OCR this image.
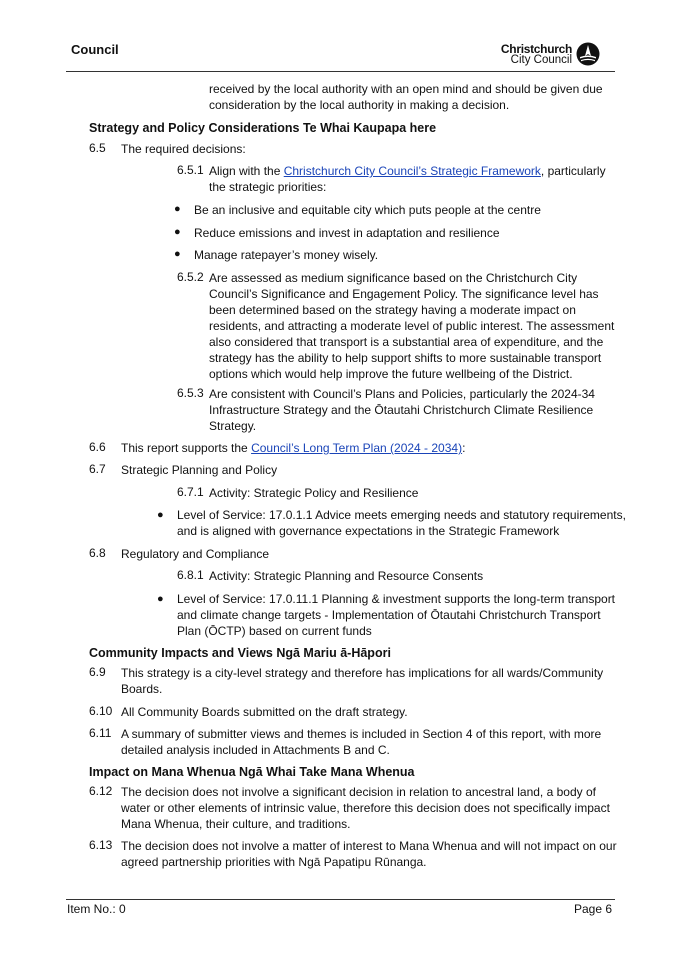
Council	Christchurch
City Council
received by the local authority with an open mind and should be given due
consideration by the local authority in making a decision.
Strategy and Policy Considerations Te Whai Kaupapa here
6.5 The required decisions:
6.5.1 Align with the Christchurch City Council’s Strategic Framework, particularly
the strategic priorities:
● Be an inclusive and equitable city which puts people at the centre
● Reduce emissions and invest in adaptation and resilience
● Manage ratepayer’s money wisely.
6.5.2 Are assessed as medium significance based on the Christchurch City
Council’s Significance and Engagement Policy. The significance level has
been determined based on the strategy having a moderate impact on
residents, and attracting a moderate level of public interest. The assessment
also considered that transport is a substantial area of expenditure, and the
strategy has the ability to help support shifts to more sustainable transport
options which would help improve the future wellbeing of the District.
6.5.3 Are consistent with Council’s Plans and Policies, particularly the 2024-34
Infrastructure Strategy and the Ōtautahi Christchurch Climate Resilience
Strategy.
6.6 This report supports the Council’s Long Term Plan (2024 - 2034):
6.7 Strategic Planning and Policy
6.7.1 Activity: Strategic Policy and Resilience
● Level of Service: 17.0.1.1 Advice meets emerging needs and statutory requirements,
and is aligned with governance expectations in the Strategic Framework
6.8 Regulatory and Compliance
6.8.1 Activity: Strategic Planning and Resource Consents
● Level of Service: 17.0.11.1 Planning & investment supports the long-term transport
and climate change targets - Implementation of Ōtautahi Christchurch Transport
Plan (ŌCTP) based on current funds
Community Impacts and Views Ngā Mariu ā-Hāpori
6.9 This strategy is a city-level strategy and therefore has implications for all wards/Community
Boards.
6.10 All Community Boards submitted on the draft strategy.
6.11 A summary of submitter views and themes is included in Section 4 of this report, with more
detailed analysis included in Attachments B and C.
Impact on Mana Whenua Ngā Whai Take Mana Whenua
6.12 The decision does not involve a significant decision in relation to ancestral land, a body of
water or other elements of intrinsic value, therefore this decision does not specifically impact
Mana Whenua, their culture, and traditions.
6.13 The decision does not involve a matter of interest to Mana Whenua and will not impact on our
agreed partnership priorities with Ngā Papatipu Rūnanga.
Item No.: 0	Page 6
